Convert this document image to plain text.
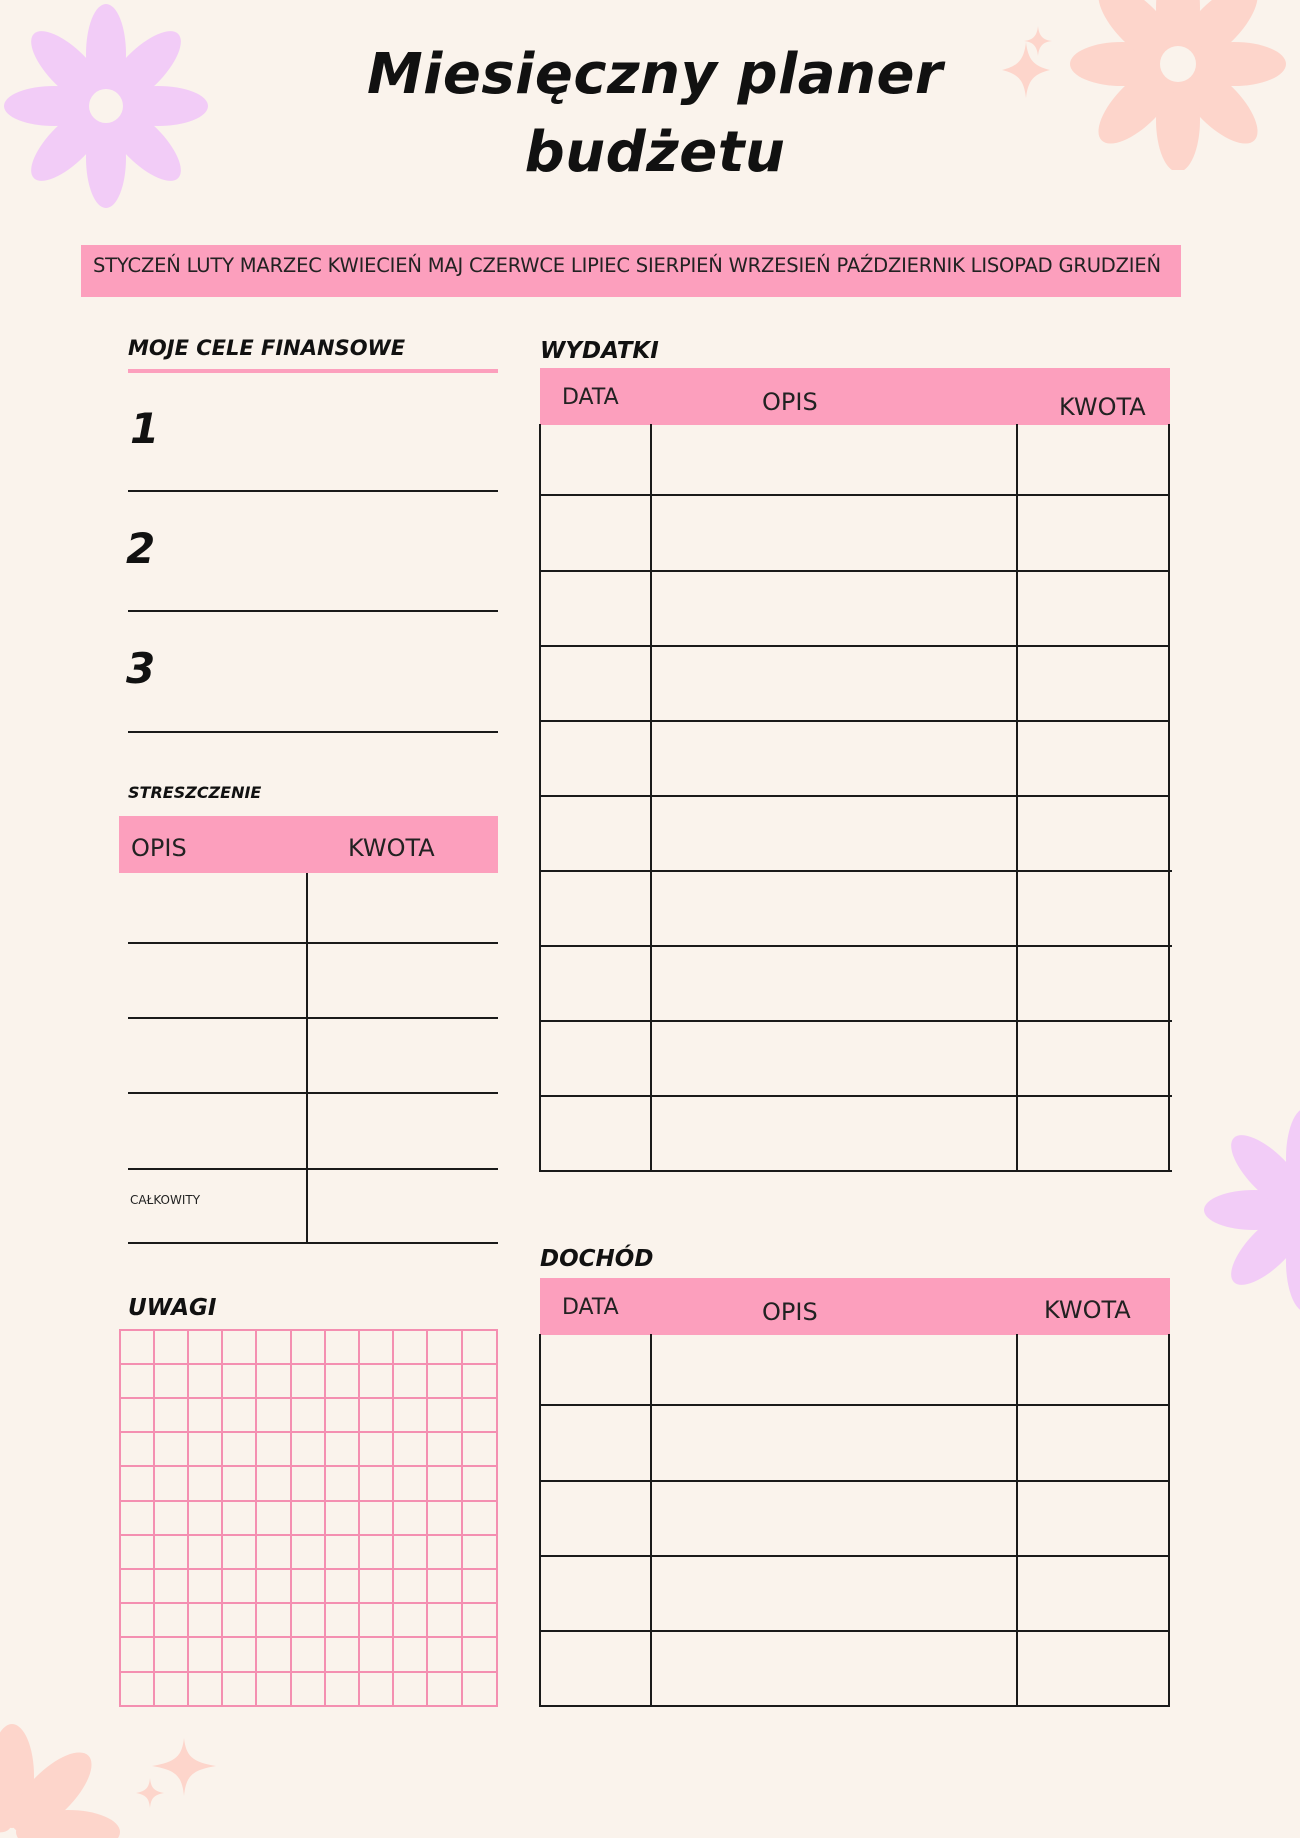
Miesięczny planer
budżetu
STYCZEŃ LUTY MARZEC KWIECIEŃ MAJ CZERWCE LIPIEC SIERPIEŃ WRZESIEŃ PAŹDZIERNIK LISOPAD GRUDZIEŃ
MOJE CELE FINANSOWE
1
2
3
STRESZCZENIE
OPIS	KWOTA
CAŁKOWITY
UWAGI
WYDATKI
DATA	OPIS	KWOTA
DOCHÓD
DATA	OPIS	KWOTA
